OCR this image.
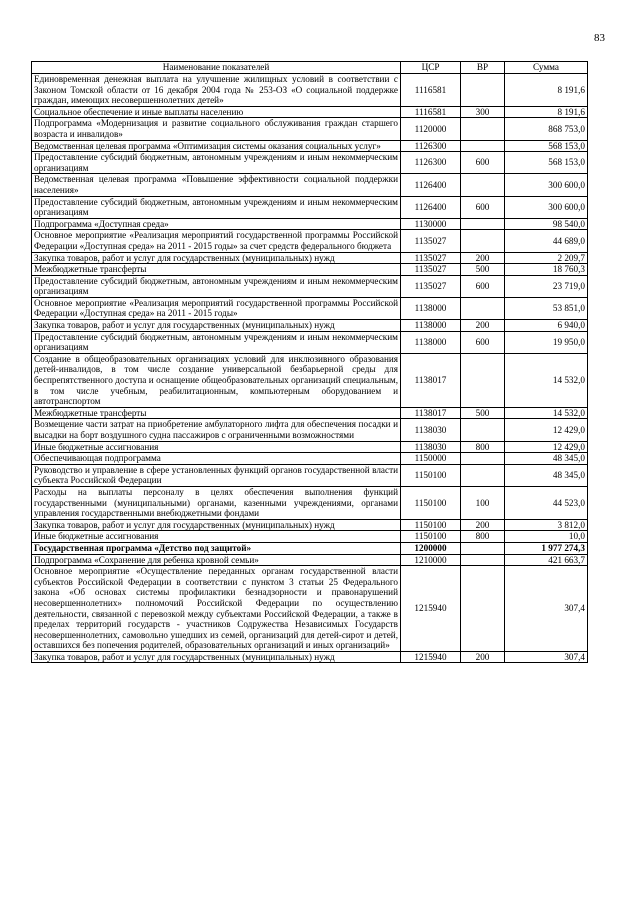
83
Наименование показателей	ЦСР	ВР	Сумма
Единовременная денежная выплата на улучшение жилищных условий в соответствии с Законом Томской области от 16 декабря 2004 года № 253-ОЗ «О социальной поддержке граждан, имеющих несовершеннолетних детей»	1116581		8 191,6
Социальное обеспечение и иные выплаты населению	1116581	300	8 191,6
Подпрограмма «Модернизация и развитие социального обслуживания граждан старшего возраста и инвалидов»	1120000		868 753,0
Ведомственная целевая программа «Оптимизация системы оказания социальных услуг»	1126300		568 153,0
Предоставление субсидий бюджетным, автономным учреждениям и иным некоммерческим организациям	1126300	600	568 153,0
Ведомственная целевая программа «Повышение эффективности социальной поддержки населения»	1126400		300 600,0
Предоставление субсидий бюджетным, автономным учреждениям и иным некоммерческим организациям	1126400	600	300 600,0
Подпрограмма «Доступная среда»	1130000		98 540,0
Основное мероприятие «Реализация мероприятий государственной программы Российской Федерации «Доступная среда» на 2011 - 2015 годы» за счет средств федерального бюджета	1135027		44 689,0
Закупка товаров, работ и услуг для государственных (муниципальных) нужд	1135027	200	2 209,7
Межбюджетные трансферты	1135027	500	18 760,3
Предоставление субсидий бюджетным, автономным учреждениям и иным некоммерческим организациям	1135027	600	23 719,0
Основное мероприятие «Реализация мероприятий государственной программы Российской Федерации «Доступная среда» на 2011 - 2015 годы»	1138000		53 851,0
Закупка товаров, работ и услуг для государственных (муниципальных) нужд	1138000	200	6 940,0
Предоставление субсидий бюджетным, автономным учреждениям и иным некоммерческим организациям	1138000	600	19 950,0
Создание в общеобразовательных организациях условий для инклюзивного образования детей-инвалидов, в том числе создание универсальной безбарьерной среды для беспрепятственного доступа и оснащение общеобразовательных организаций специальным, в том числе учебным, реабилитационным, компьютерным оборудованием и автотранспортом	1138017		14 532,0
Межбюджетные трансферты	1138017	500	14 532,0
Возмещение части затрат на приобретение амбулаторного лифта для обеспечения посадки и высадки на борт воздушного судна пассажиров с ограниченными возможностями	1138030		12 429,0
Иные бюджетные ассигнования	1138030	800	12 429,0
Обеспечивающая подпрограмма	1150000		48 345,0
Руководство и управление в сфере установленных функций органов государственной власти субъекта Российской Федерации	1150100		48 345,0
Расходы на выплаты персоналу в целях обеспечения выполнения функций государственными (муниципальными) органами, казенными учреждениями, органами управления государственными внебюджетными фондами	1150100	100	44 523,0
Закупка товаров, работ и услуг для государственных (муниципальных) нужд	1150100	200	3 812,0
Иные бюджетные ассигнования	1150100	800	10,0
Государственная программа «Детство под защитой»	1200000		1 977 274,3
Подпрограмма «Сохранение для ребенка кровной семьи»	1210000		421 663,7
Основное мероприятие «Осуществление переданных органам государственной власти субъектов Российской Федерации в соответствии с пунктом 3 статьи 25 Федерального закона «Об основах системы профилактики безнадзорности и правонарушений несовершеннолетних» полномочий Российской Федерации по осуществлению деятельности, связанной с перевозкой между субъектами Российской Федерации, а также в пределах территорий государств - участников Содружества Независимых Государств несовершеннолетних, самовольно ушедших из семей, организаций для детей-сирот и детей, оставшихся без попечения родителей, образовательных организаций и иных организаций»	1215940		307,4
Закупка товаров, работ и услуг для государственных (муниципальных) нужд	1215940	200	307,4
